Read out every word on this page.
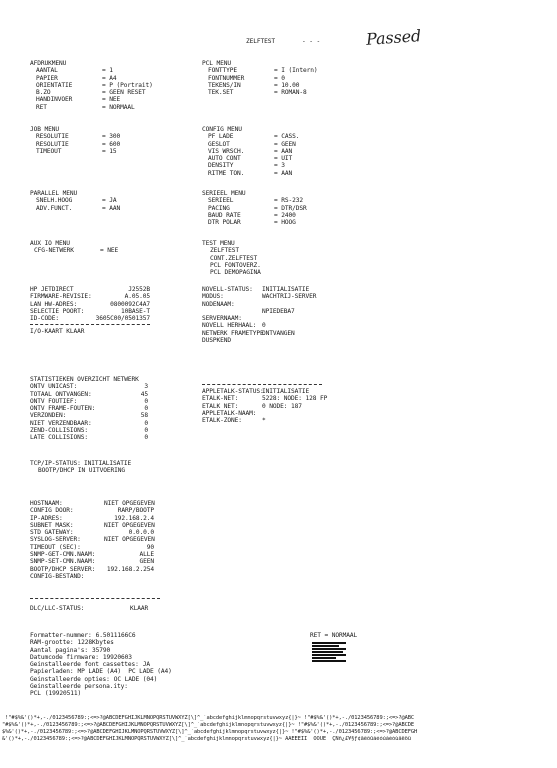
ZELFTEST	- - -	Passed
AFDRUKMENU
AANTAL	= 1
PAPIER	= A4
ORIENTATIE	= P (Portrait)
B.ZO	= GEEN RESET
HANDINVOER	= NEE
RET	= NORMAAL
PCL MENU
FONTTYPE	= I (Intern)
FONTNUMMER	= 0
TEKENS/IN	= 10.00
TEK.SET	= ROMAN-8
JOB MENU
RESOLUTIE	= 300
RESOLUTIE	= 600
TIMEOUT	= 15
CONFIG MENU
PF LADE	= CASS.
GESLOT	= GEEN
VIS WRSCH.	= AAN
AUTO CONT	= UIT
DENSITY	= 3
RITME TON.	= AAN
PARALLEL MENU
SNELH.HOOG	= JA
ADV.FUNCT.	= AAN
SERIEEL MENU
SERIEEL	= RS-232
PACING	= DTR/DSR
BAUD RATE	= 2400
DTR POLAR	= HOOG
AUX IO MENU
CFG-NETWERK	= NEE
TEST MENU
ZELFTEST
CONT.ZELFTEST
PCL FONTOVERZ.
PCL DEMOPAGINA
HP JETDIRECT	J2552B
FIRMWARE-REVISIE:	A.05.05
LAN HW-ADRES:	0800092C4A7
SELECTIE POORT:	10BASE-T
ID-CODE:	3605C00/0501357
I/O-KAART KLAAR
NOVELL-STATUS: INITIALISATIE
MODUS:	WACHTRIJ-SERVER
NODENAAM:
NPIEDEBA7
SERVERNAAM:
NOVELL HERHAAL: 0
NETWERK FRAMETYPEONTVANGEN
DUSPKEND
STATISTIEKEN OVERZICHT NETWERK
ONTV UNICAST:	3
TOTAAL ONTVANGEN:	45
ONTV FOUTIEF:	0
ONTV FRAME-FOUTEN:	0
VERZONDEN:	58
NIET VERZENDBAAR:	0
ZEND-COLLISIONS:	0
LATE COLLISIONS:	0
APPLETALK-STATUS:INITIALISATIE
ETALK-NET:	5228: NODE: 128 FP
ETALK NET:	0 NODE: 187
APPLETALK-NAAM:
ETALK-ZONE:	*
TCP/IP-STATUS: INITIALISATIE
BOOTP/DHCP IN UITVOERING
HOSTNAAM:	NIET OPGEGEVEN
CONFIG DOOR:	RARP/BOOTP
IP-ADRES:	192.168.2.4
SUBNET MASK:	NIET OPGEGEVEN
STD GATEWAY:	0.0.0.0
SYSLOG-SERVER:	NIET OPGEGEVEN
TIMEOUT (SEC):	90
SNMP-GET-CMN.NAAM:	ALLE
SNMP-SET-CMN.NAAM:	GEEN
BOOTP/DHCP SERVER: 192.168.2.254
CONFIG-BESTAND:
DLC/LLC-STATUS:	KLAAR
Formatter-nummer: 6.5011166C6
RAM-grootte: 1228Kbytes
Aantal pagina's: 35790
Datumcode firmware: 19920603
Geinstalleerde font cassettes: JA
Papierladen: MP LADE (A4)  PC LADE (A4)
Geinstalleerde opties: OC LADE (04)
Geinstalleerde persona.ity:
PCL (19920511)
RET = NORMAAL
!"#$%&'()*+,-./0123456789:;<=>?@ABCDEFGHIJKLMNOPQRSTUVWXYZ[\]^_`abcdefghijklmnopqrstuvwxyz{|}~ !"#$%&'()*+,-./0123456789:;<=>?@ABC
"#$%&'()*+,-./0123456789:;<=>?@ABCDEFGHIJKLMNOPQRSTUVWXYZ[\]^_`abcdefghijklmnopqrstuvwxyz{|}~ !"#$%&'()*+,-./0123456789:;<=>?@ABCDE
$%&'()*+,-./0123456789:;<=>?@ABCDEFGHIJKLMNOPQRSTUVWXYZ[\]^_`abcdefghijklmnopqrstuvwxyz{|}~ !"#$%&'()*+,-./0123456789:;<=>?@ABCDEFGH
&'()*+,-./0123456789:;<=>?@ABCDEFGHIJKLMNOPQRSTUVWXYZ[\]^_`abcdefghijklmnopqrstuvwxyz{|}~ AAEEEII  OOUE  ÇÑñ¿£¥§ƒ¢âêôûáéóúàèòùäëöü
